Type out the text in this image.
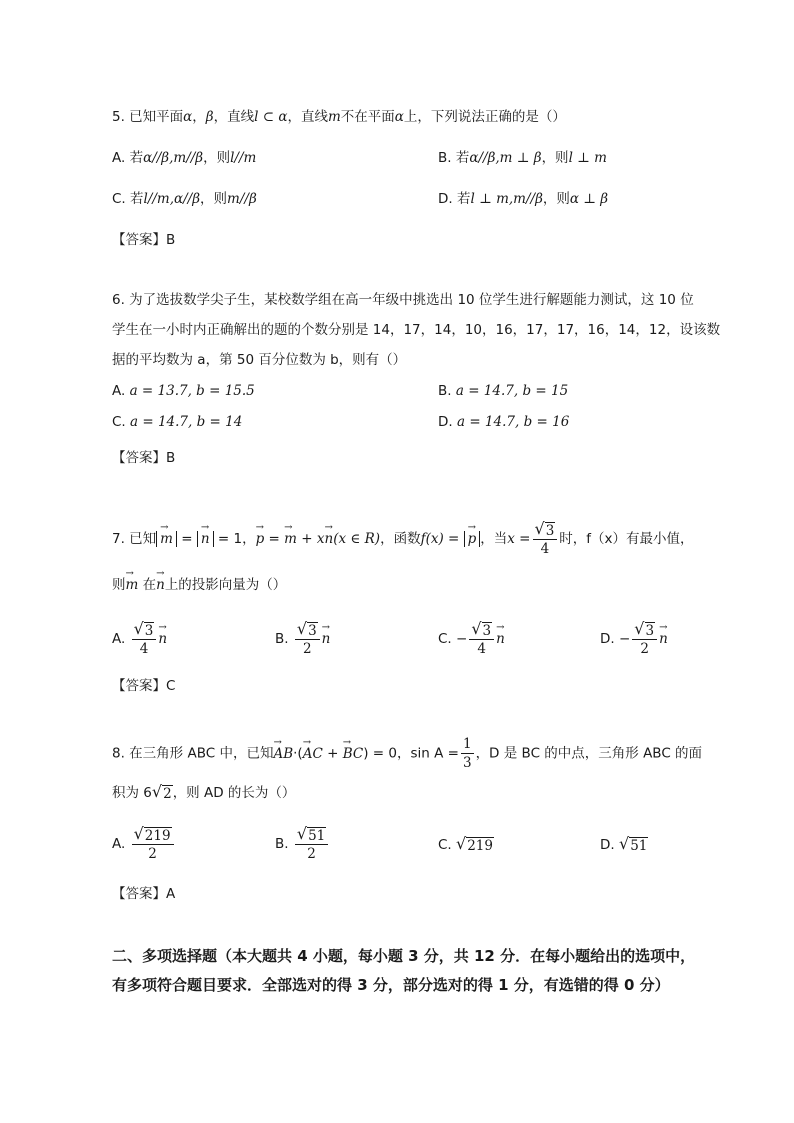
5. 已知平面α，β，直线l ⊂ α，直线m不在平面α上，下列说法正确的是（）
A. 若α//β,m//β，则l//m	B. 若α//β,m ⊥ β，则l ⊥ m
C. 若l//m,α//β，则m//β	D. 若l ⊥ m,m//β，则α ⊥ β
【答案】B
6. 为了选拔数学尖子生，某校数学组在高一年级中挑选出 10 位学生进行解题能力测试，这 10 位
学生在一小时内正确解出的题的个数分别是 14，17，14，10，16，17，17，16，14，12，设该数
据的平均数为 a，第 50 百分位数为 b，则有（）
A. a = 13.7, b = 15.5	B. a = 14.7, b = 15
C. a = 14.7, b = 14	D. a = 14.7, b = 16
【答案】B
7. 已知→ m = → n = 1，→ p = → m + x→ n(x ∈ R)，函数f(x) = → p ，当$x = \frac{√ 3}{4}$ 时，f（x）有最小值，
则→ m 在→ n上的投影向量为（）
A. $\frac{√ 3}{4}$
→ n	B. $\frac{√ 3}{2}$
→ n	C. − $\frac{√ 3}{4}$
→ n	D. − $\frac{√ 3}{2}$
→ n
【答案】C
8. 在三角形 ABC 中，已知→ AB·(→ AC + → BC) = 0，$\sin A = \frac{1}{3}$ ，D 是 BC 的中点，三角形 ABC 的面
积为 6 √ 2 ，则 AD 的长为（）
A. $\frac{√ 219}{2}$	B. $\frac{√ 51}{2}$	C. √ 219	D. √ 51
【答案】A
二、多项选择题（本大题共 4 小题，每小题 3 分，共 12 分．在每小题给出的选项中，
有多项符合题目要求．全部选对的得 3 分，部分选对的得 1 分，有选错的得 0 分）
